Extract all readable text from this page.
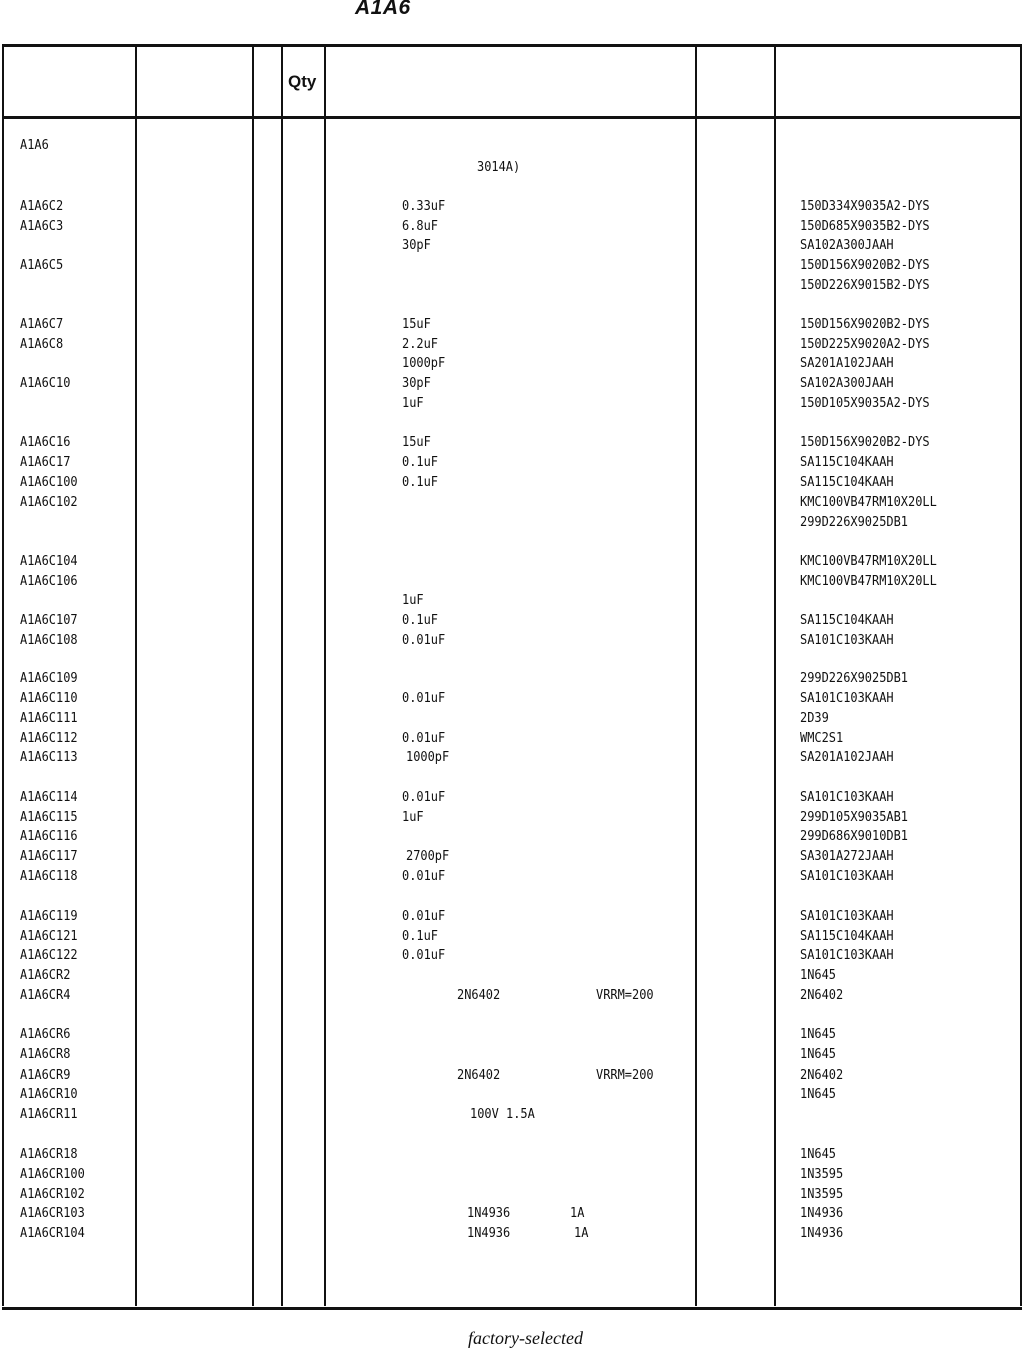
A1A6
Qty
A1A6
3014A)
A1A6C2	0.33uF	150D334X9035A2-DYS
A1A6C3	6.8uF	150D685X9035B2-DYS
30pF	SA102A300JAAH
A1A6C5	150D156X9020B2-DYS
150D226X9015B2-DYS
A1A6C7	15uF	150D156X9020B2-DYS
A1A6C8	2.2uF	150D225X9020A2-DYS
1000pF	SA201A102JAAH
A1A6C10	30pF	SA102A300JAAH
1uF	150D105X9035A2-DYS
A1A6C16	15uF	150D156X9020B2-DYS
A1A6C17	0.1uF	SA115C104KAAH
A1A6C100	0.1uF	SA115C104KAAH
A1A6C102	KMC100VB47RM10X20LL
299D226X9025DB1
A1A6C104	KMC100VB47RM10X20LL
A1A6C106	KMC100VB47RM10X20LL
1uF
A1A6C107	0.1uF	SA115C104KAAH
A1A6C108	0.01uF	SA101C103KAAH
A1A6C109	299D226X9025DB1
A1A6C110	0.01uF	SA101C103KAAH
A1A6C111	2D39
A1A6C112	0.01uF	WMC2S1
A1A6C113	1000pF	SA201A102JAAH
A1A6C114	0.01uF	SA101C103KAAH
A1A6C115	1uF	299D105X9035AB1
A1A6C116	299D686X9010DB1
A1A6C117	2700pF	SA301A272JAAH
A1A6C118	0.01uF	SA101C103KAAH
A1A6C119	0.01uF	SA101C103KAAH
A1A6C121	0.1uF	SA115C104KAAH
A1A6C122	0.01uF	SA101C103KAAH
A1A6CR2	1N645
A1A6CR4	2N6402	VRRM=200	2N6402
A1A6CR6	1N645
A1A6CR8	1N645
A1A6CR9	2N6402	VRRM=200	2N6402
A1A6CR10	1N645
A1A6CR11	100V 1.5A
A1A6CR18	1N645
A1A6CR100	1N3595
A1A6CR102	1N3595
A1A6CR103	1N4936	1A	1N4936
A1A6CR104	1N4936	1A	1N4936
factory-selected
